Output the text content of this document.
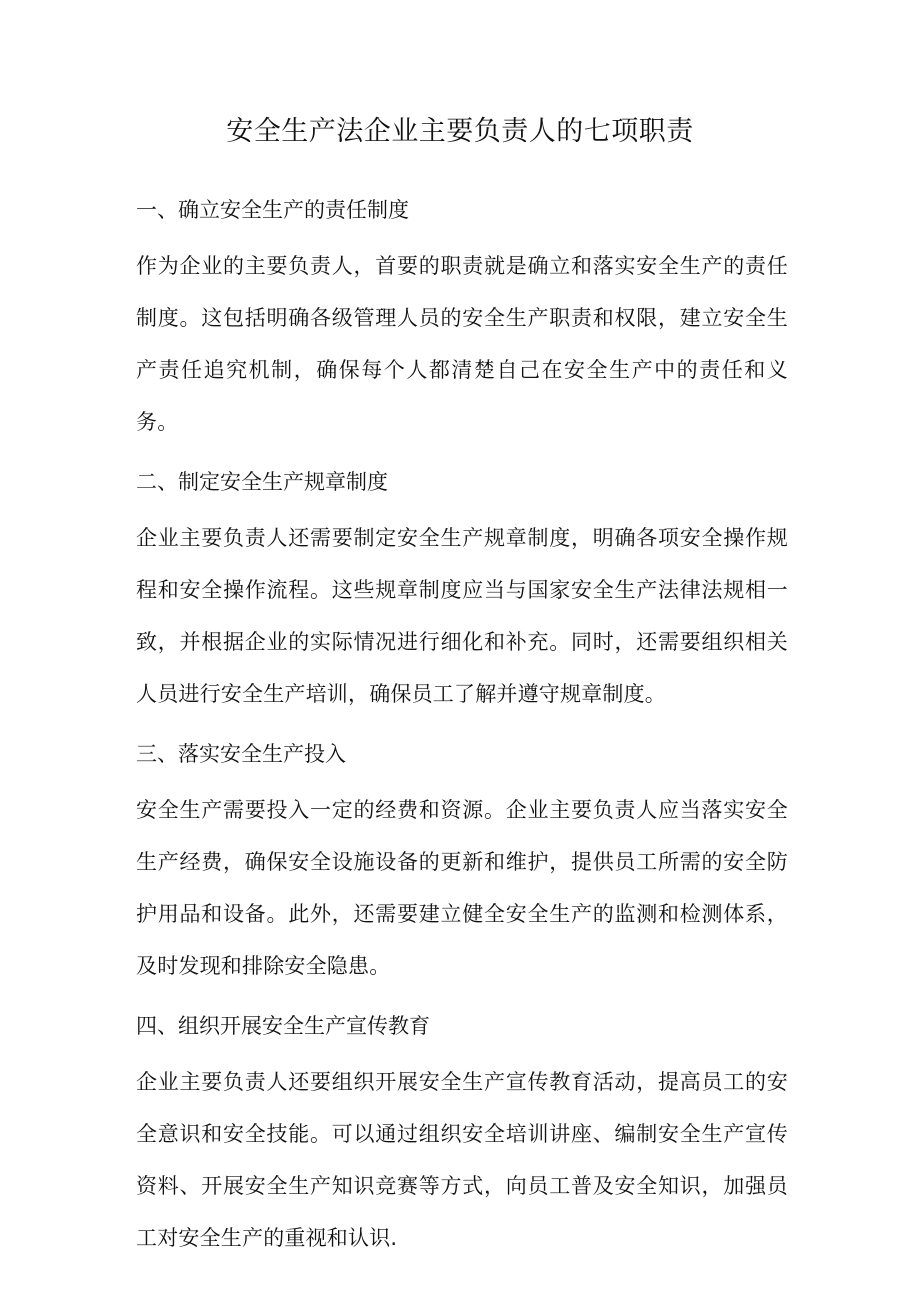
安全生产法企业主要负责人的七项职责
一、确立安全生产的责任制度

作为企业的主要负责人，首要的职责就是确立和落实安全生产的责任制度。这包括明确各级管理人员的安全生产职责和权限，建立安全生产责任追究机制，确保每个人都清楚自己在安全生产中的责任和义务。

二、制定安全生产规章制度

企业主要负责人还需要制定安全生产规章制度，明确各项安全操作规程和安全操作流程。这些规章制度应当与国家安全生产法律法规相一致，并根据企业的实际情况进行细化和补充。同时，还需要组织相关人员进行安全生产培训，确保员工了解并遵守规章制度。

三、落实安全生产投入

安全生产需要投入一定的经费和资源。企业主要负责人应当落实安全生产经费，确保安全设施设备的更新和维护，提供员工所需的安全防护用品和设备。此外，还需要建立健全安全生产的监测和检测体系，及时发现和排除安全隐患。

四、组织开展安全生产宣传教育

企业主要负责人还要组织开展安全生产宣传教育活动，提高员工的安全意识和安全技能。可以通过组织安全培训讲座、编制安全生产宣传资料、开展安全生产知识竞赛等方式，向员工普及安全知识，加强员工对安全生产的重视和认识.
